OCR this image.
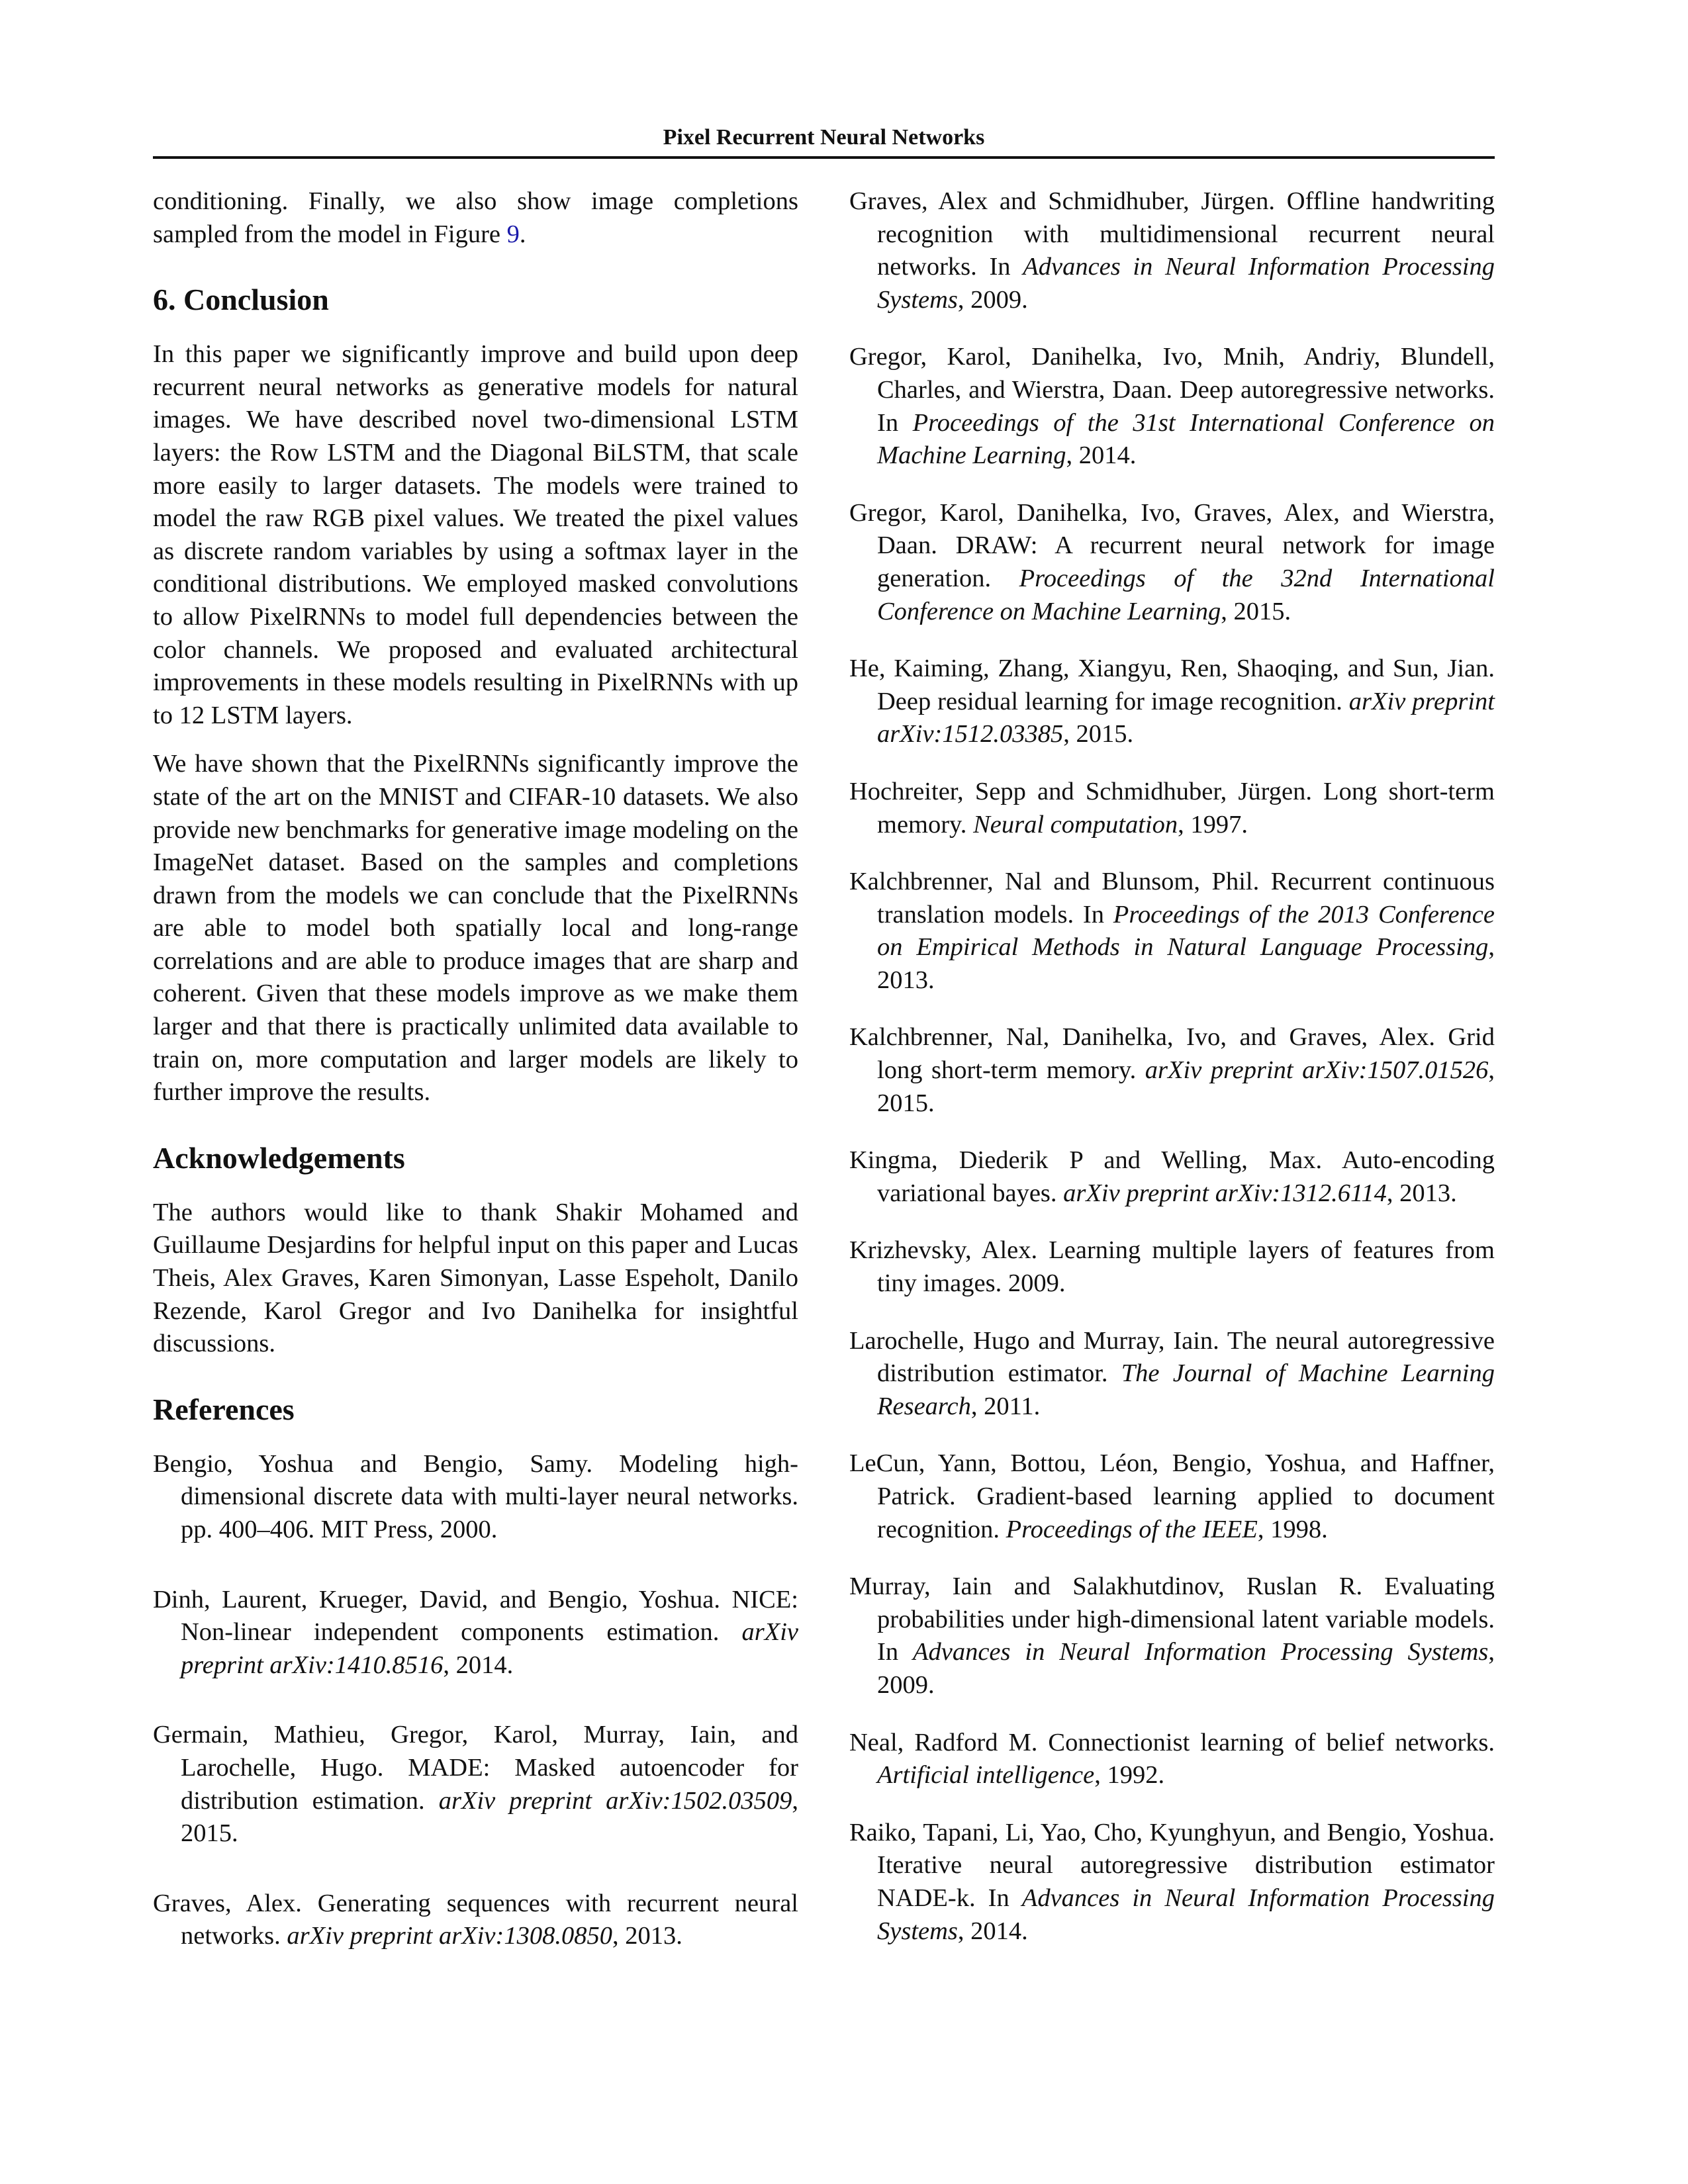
Pixel Recurrent Neural Networks

conditioning. Finally, we also show image completions sampled from the model in Figure 9.

6. Conclusion

In this paper we significantly improve and build upon deep recurrent neural networks as generative models for natural images. We have described novel two-dimensional LSTM layers: the Row LSTM and the Diagonal BiLSTM, that scale more easily to larger datasets. The models were trained to model the raw RGB pixel values. We treated the pixel values as discrete random variables by using a softmax layer in the conditional distributions. We employed masked convolutions to allow PixelRNNs to model full dependencies between the color channels. We proposed and evaluated architectural improvements in these models resulting in PixelRNNs with up to 12 LSTM layers.

We have shown that the PixelRNNs significantly improve the state of the art on the MNIST and CIFAR-10 datasets. We also provide new benchmarks for generative image modeling on the ImageNet dataset. Based on the samples and completions drawn from the models we can conclude that the PixelRNNs are able to model both spatially local and long-range correlations and are able to produce images that are sharp and coherent. Given that these models improve as we make them larger and that there is practically unlimited data available to train on, more computation and larger models are likely to further improve the results.

Acknowledgements

The authors would like to thank Shakir Mohamed and Guillaume Desjardins for helpful input on this paper and Lucas Theis, Alex Graves, Karen Simonyan, Lasse Espeholt, Danilo Rezende, Karol Gregor and Ivo Danihelka for insightful discussions.

References
Bengio, Yoshua and Bengio, Samy. Modeling high-dimensional discrete data with multi-layer neural networks. pp. 400–406. MIT Press, 2000.
Dinh, Laurent, Krueger, David, and Bengio, Yoshua. NICE: Non-linear independent components estimation. arXiv preprint arXiv:1410.8516, 2014.
Germain, Mathieu, Gregor, Karol, Murray, Iain, and Larochelle, Hugo. MADE: Masked autoencoder for distribution estimation. arXiv preprint arXiv:1502.03509, 2015.
Graves, Alex. Generating sequences with recurrent neural networks. arXiv preprint arXiv:1308.0850, 2013.
Graves, Alex and Schmidhuber, Jürgen. Offline handwriting recognition with multidimensional recurrent neural networks. In Advances in Neural Information Processing Systems, 2009.
Gregor, Karol, Danihelka, Ivo, Mnih, Andriy, Blundell, Charles, and Wierstra, Daan. Deep autoregressive networks. In Proceedings of the 31st International Conference on Machine Learning, 2014.
Gregor, Karol, Danihelka, Ivo, Graves, Alex, and Wierstra, Daan. DRAW: A recurrent neural network for image generation. Proceedings of the 32nd International Conference on Machine Learning, 2015.
He, Kaiming, Zhang, Xiangyu, Ren, Shaoqing, and Sun, Jian. Deep residual learning for image recognition. arXiv preprint arXiv:1512.03385, 2015.
Hochreiter, Sepp and Schmidhuber, Jürgen. Long short-term memory. Neural computation, 1997.
Kalchbrenner, Nal and Blunsom, Phil. Recurrent continuous translation models. In Proceedings of the 2013 Conference on Empirical Methods in Natural Language Processing, 2013.
Kalchbrenner, Nal, Danihelka, Ivo, and Graves, Alex. Grid long short-term memory. arXiv preprint arXiv:1507.01526, 2015.
Kingma, Diederik P and Welling, Max. Auto-encoding variational bayes. arXiv preprint arXiv:1312.6114, 2013.
Krizhevsky, Alex. Learning multiple layers of features from tiny images. 2009.
Larochelle, Hugo and Murray, Iain. The neural autoregressive distribution estimator. The Journal of Machine Learning Research, 2011.
LeCun, Yann, Bottou, Léon, Bengio, Yoshua, and Haffner, Patrick. Gradient-based learning applied to document recognition. Proceedings of the IEEE, 1998.
Murray, Iain and Salakhutdinov, Ruslan R. Evaluating probabilities under high-dimensional latent variable models. In Advances in Neural Information Processing Systems, 2009.
Neal, Radford M. Connectionist learning of belief networks. Artificial intelligence, 1992.
Raiko, Tapani, Li, Yao, Cho, Kyunghyun, and Bengio, Yoshua. Iterative neural autoregressive distribution estimator NADE-k. In Advances in Neural Information Processing Systems, 2014.
